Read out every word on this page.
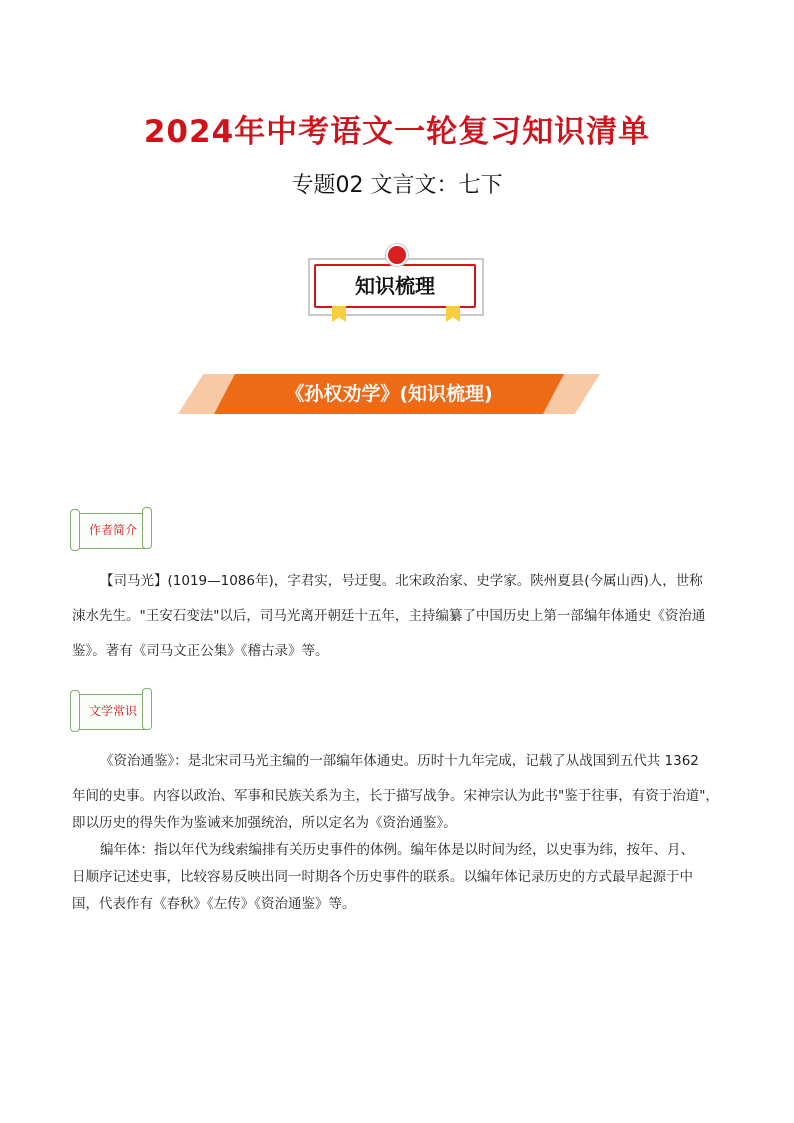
2024年中考语文一轮复习知识清单
专题02 文言文：七下
知识梳理
《孙权劝学》(知识梳理)
作者简介

【司马光】(1019—1086年)，字君实，号迂叟。北宋政治家、史学家。陕州夏县(今属山西)人，世称

涑水先生。"王安石变法"以后，司马光离开朝廷十五年，主持编纂了中国历史上第一部编年体通史《资治通

鉴》。著有《司马文正公集》《稽古录》等。

文学常识

《资治通鉴》：是北宋司马光主编的一部编年体通史。历时十九年完成，记载了从战国到五代共 1362

年间的史事。内容以政治、军事和民族关系为主，长于描写战争。宋神宗认为此书"鉴于往事，有资于治道"，

即以历史的得失作为鉴诫来加强统治，所以定名为《资治通鉴》。

编年体：指以年代为线索编排有关历史事件的体例。编年体是以时间为经，以史事为纬，按年、月、

日顺序记述史事，比较容易反映出同一时期各个历史事件的联系。以编年体记录历史的方式最早起源于中

国，代表作有《春秋》《左传》《资治通鉴》等。
